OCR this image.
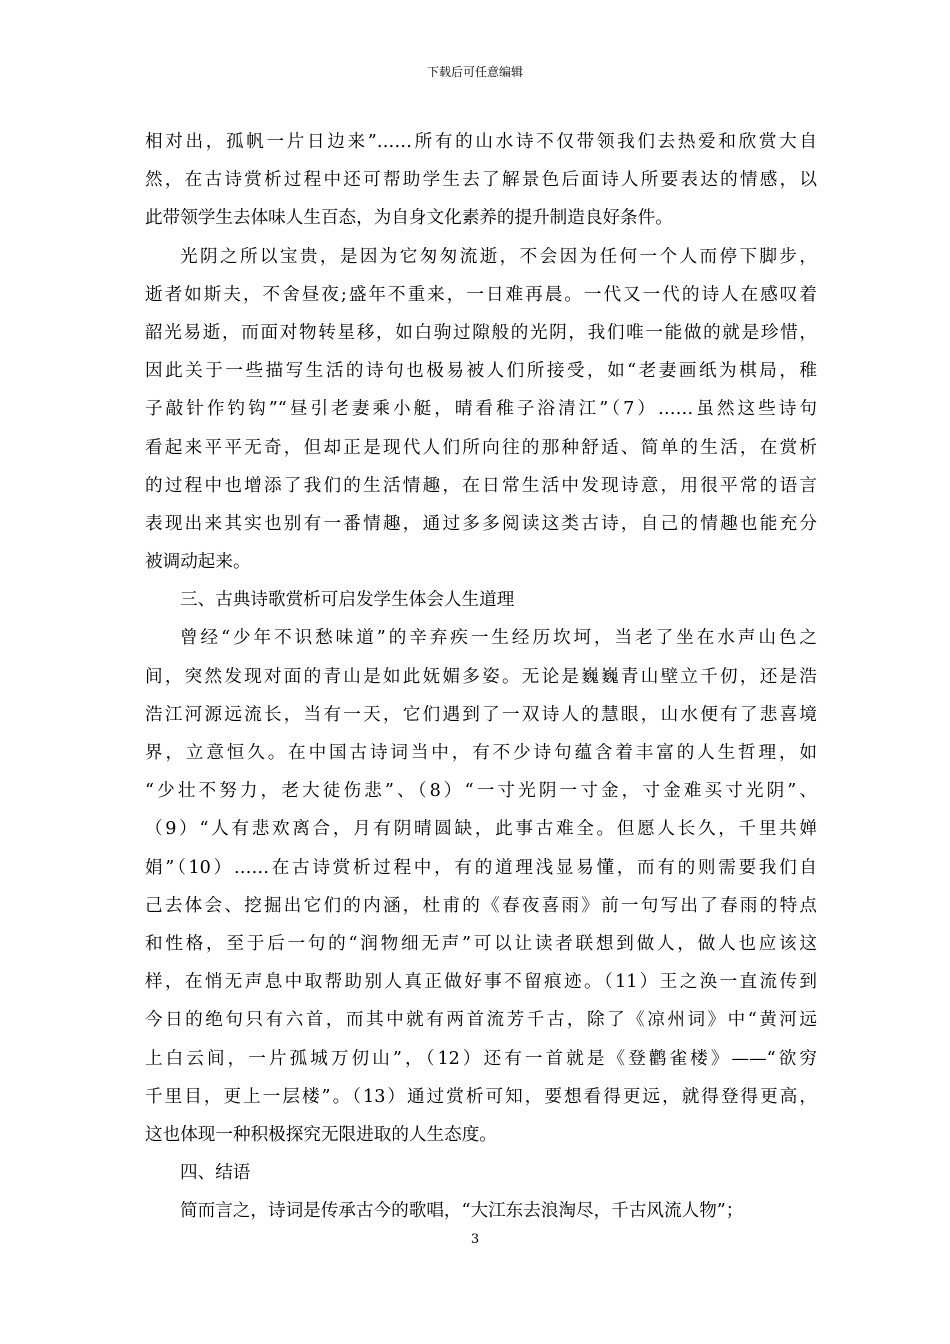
下载后可任意编辑
相对出，孤帆一片日边来”……所有的山水诗不仅带领我们去热爱和欣赏大自
然，在古诗赏析过程中还可帮助学生去了解景色后面诗人所要表达的情感，以
此带领学生去体味人生百态，为自身文化素养的提升制造良好条件。
光阴之所以宝贵，是因为它匆匆流逝，不会因为任何一个人而停下脚步，
逝者如斯夫，不舍昼夜;盛年不重来，一日难再晨。一代又一代的诗人在感叹着
韶光易逝，而面对物转星移，如白驹过隙般的光阴，我们唯一能做的就是珍惜，
因此关于一些描写生活的诗句也极易被人们所接受，如“老妻画纸为棋局，稚
子敲针作钓钩”“昼引老妻乘小艇，晴看稚子浴清江”（7）……虽然这些诗句
看起来平平无奇，但却正是现代人们所向往的那种舒适、简单的生活，在赏析
的过程中也增添了我们的生活情趣，在日常生活中发现诗意，用很平常的语言
表现出来其实也别有一番情趣，通过多多阅读这类古诗，自己的情趣也能充分
被调动起来。
三、古典诗歌赏析可启发学生体会人生道理
曾经“少年不识愁味道”的辛弃疾一生经历坎坷，当老了坐在水声山色之
间，突然发现对面的青山是如此妩媚多姿。无论是巍巍青山壁立千仞，还是浩
浩江河源远流长，当有一天，它们遇到了一双诗人的慧眼，山水便有了悲喜境
界，立意恒久。在中国古诗词当中，有不少诗句蕴含着丰富的人生哲理，如
“少壮不努力，老大徒伤悲”、（8）“一寸光阴一寸金，寸金难买寸光阴”、
（9）“人有悲欢离合，月有阴晴圆缺，此事古难全。但愿人长久，千里共婵
娟”（10）……在古诗赏析过程中，有的道理浅显易懂，而有的则需要我们自
己去体会、挖掘出它们的内涵，杜甫的《春夜喜雨》前一句写出了春雨的特点
和性格，至于后一句的“润物细无声”可以让读者联想到做人，做人也应该这
样，在悄无声息中取帮助别人真正做好事不留痕迹。（11）王之涣一直流传到
今日的绝句只有六首，而其中就有两首流芳千古，除了《凉州词》中“黄河远
上白云间，一片孤城万仞山”，（12）还有一首就是《登鹳雀楼》——“欲穷
千里目，更上一层楼”。（13）通过赏析可知，要想看得更远，就得登得更高，
这也体现一种积极探究无限进取的人生态度。
四、结语
简而言之，诗词是传承古今的歌唱，“大江东去浪淘尽，千古风流人物”；
3
